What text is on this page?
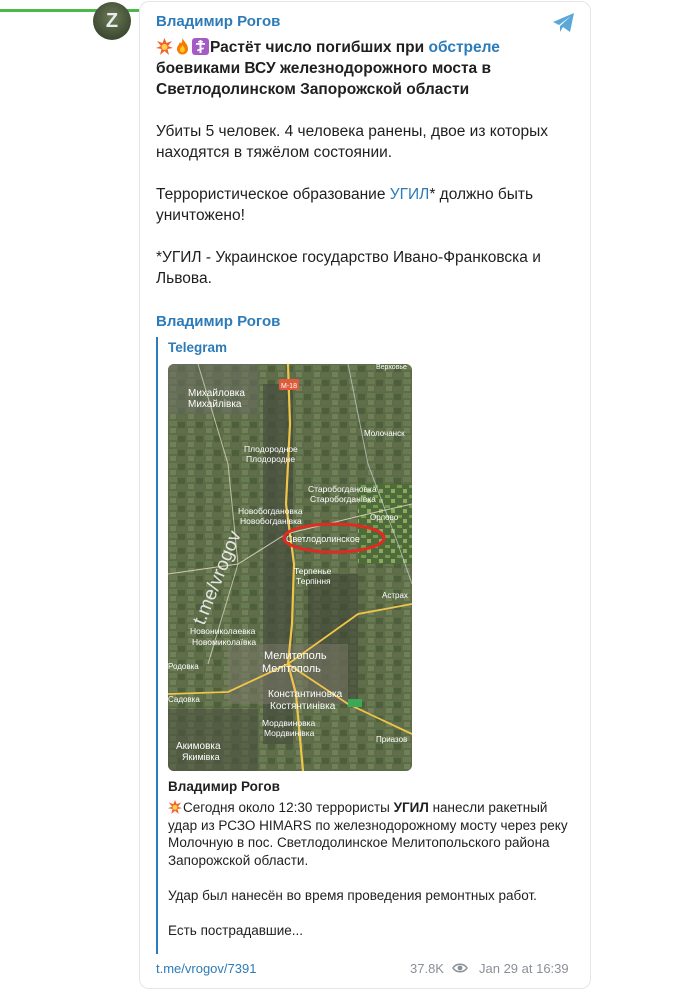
Z	Владимир Рогов

Растёт число погибших при обстреле боевиками ВСУ железнодорожного моста в Светлодолинском Запорожской области

Убиты 5 человек. 4 человека ранены, двое из которых находятся в тяжёлом состоянии.

Террористическое образование УГИЛ* должно быть уничтожено!

*УГИЛ - Украинское государство Ивано-Франковска и Львова.

Владимир Рогов
Telegram
M-18
Михайловка
Михайлівка
Плодородное
Плодородне
Новобогдановка
Новобогданівка
Старобогдановка
Старобогданівка
Молочанск
Орлово
Светлодолинское
Терпенье
Терпіння
Астрах
Новониколаевка
Новомиколаївка
Мелитополь
Мелітополь
Константиновка
Костянтинівка
Мордвиновка
Мордвинівка
Акимовка
Якимівка
Приазов
Родовка
Садовка
Верховье
t.me/vrogov
Владимир Рогов

Сегодня около 12:30 террористы УГИЛ нанесли ракетный удар из РСЗО HIMARS по железнодорожному мосту через реку Молочную в пос. Светлодолинское Мелитопольского района Запорожской области.

Удар был нанесён во время проведения ремонтных работ.

Есть пострадавшие...

t.me/vrogov/7391	37.8K	Jan 29 at 16:39
